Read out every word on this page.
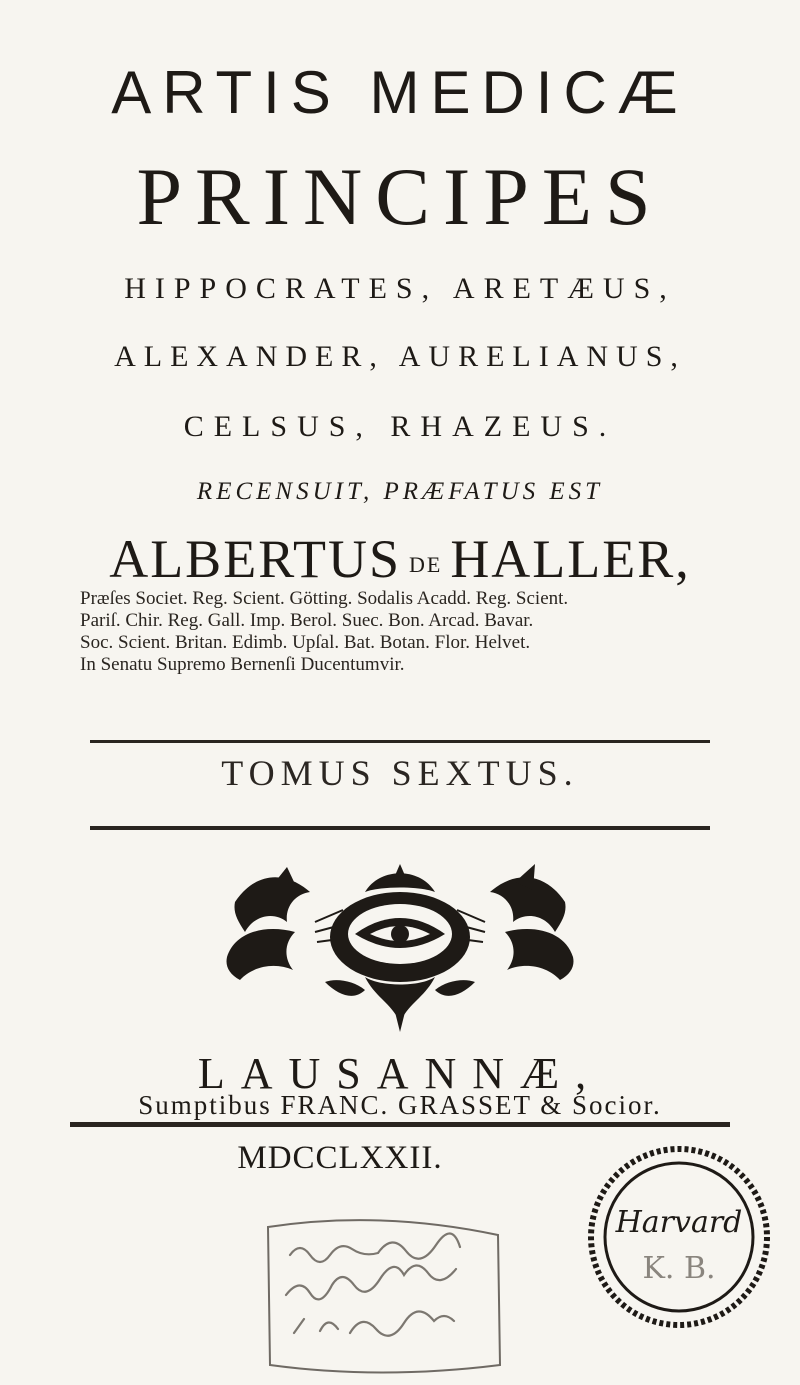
ARTIS MEDICÆ
PRINCIPES
HIPPOCRATES, ARETÆUS,
ALEXANDER, AURELIANUS,
CELSUS, RHAZEUS.
RECENSUIT, PRÆFATUS EST
ALBERTUS DE HALLER,
Præſes Societ. Reg. Scient. Götting. Sodalis Acadd. Reg. Scient.
Pariſ. Chir. Reg. Gall. Imp. Berol. Suec. Bon. Arcad. Bavar.
Soc. Scient. Britan. Edimb. Upſal. Bat. Botan. Flor. Helvet.
In Senatu Supremo Bernenſi Ducentumvir.
TOMUS SEXTUS.
LAUSANNÆ,
Sumptibus FRANC. GRASSET & Socior.
MDCCLXXII.
Harvard
K. B.
